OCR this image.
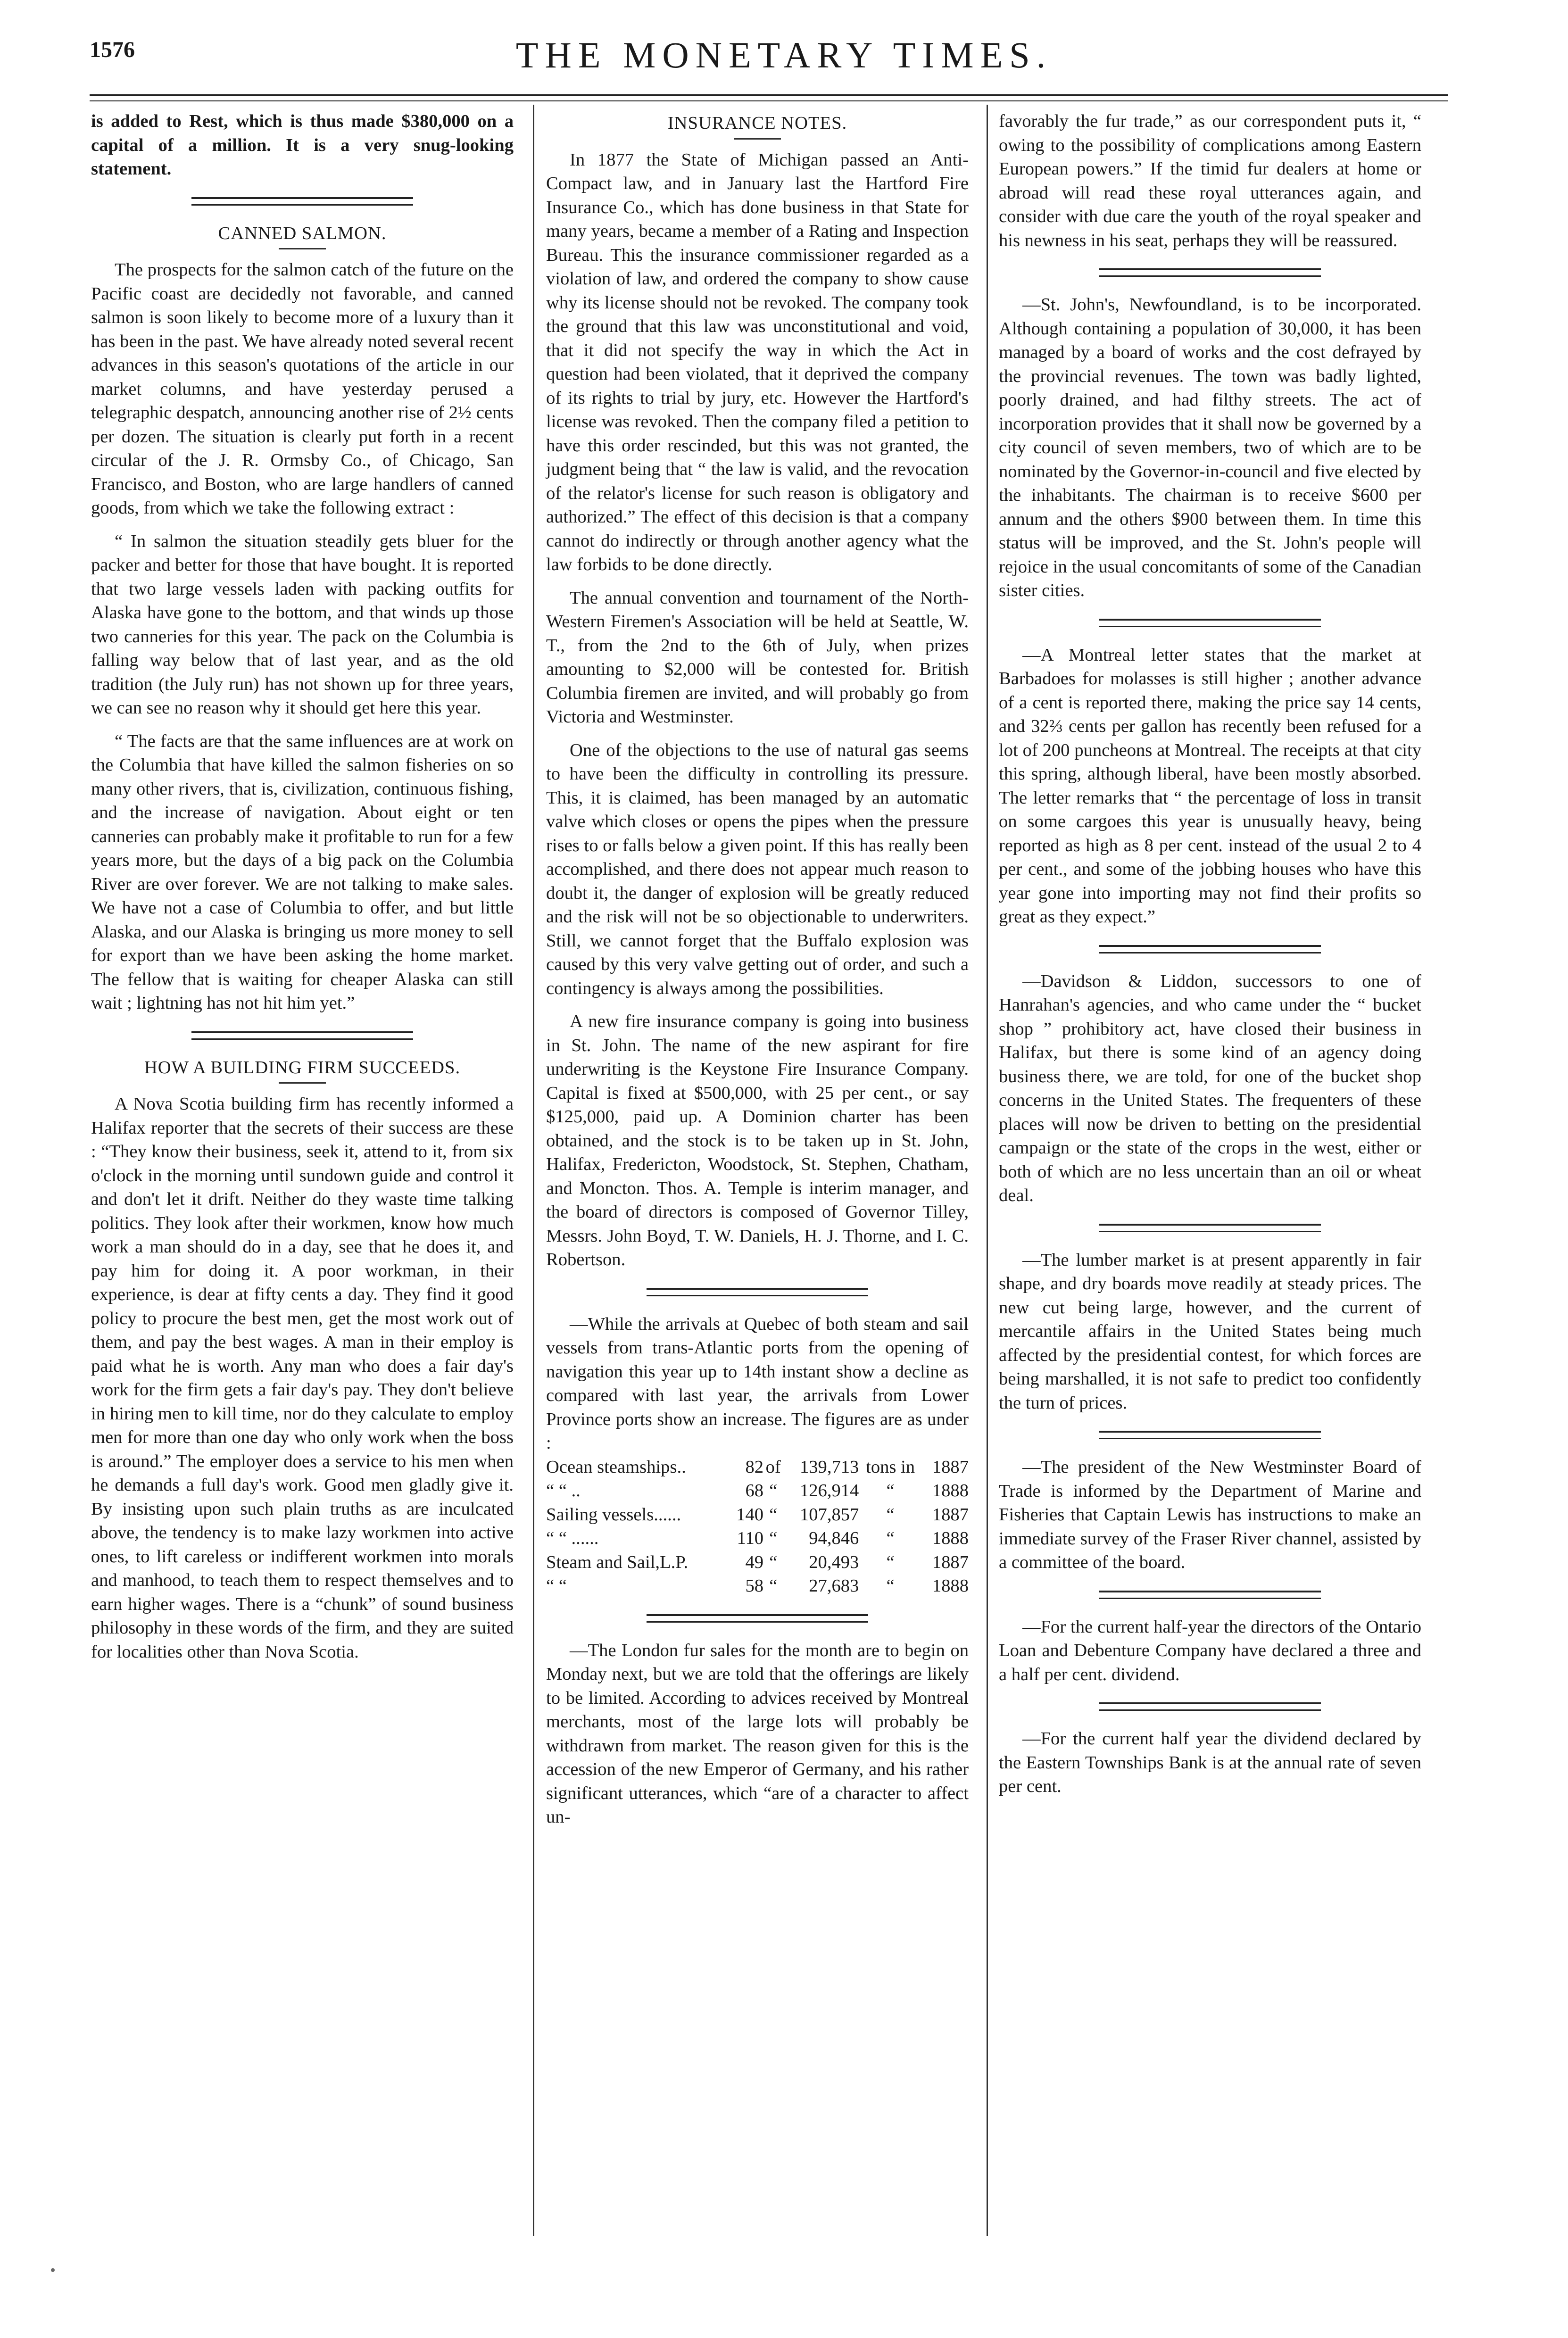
1576	THE MONETARY TIMES.

is added to Rest, which is thus made $380,000 on a capital of a million. It is a very snug-looking statement.

CANNED SALMON.

The prospects for the salmon catch of the future on the Pacific coast are decidedly not favorable, and canned salmon is soon likely to become more of a luxury than it has been in the past. We have already noted several recent advances in this season's quotations of the article in our market columns, and have yesterday perused a telegraphic despatch, announcing another rise of 2½ cents per dozen. The situation is clearly put forth in a recent circular of the J. R. Ormsby Co., of Chicago, San Francisco, and Boston, who are large handlers of canned goods, from which we take the following extract :

“ In salmon the situation steadily gets bluer for the packer and better for those that have bought. It is reported that two large vessels laden with packing outfits for Alaska have gone to the bottom, and that winds up those two canneries for this year. The pack on the Columbia is falling way below that of last year, and as the old tradition (the July run) has not shown up for three years, we can see no reason why it should get here this year.

“ The facts are that the same influences are at work on the Columbia that have killed the salmon fisheries on so many other rivers, that is, civilization, continuous fishing, and the increase of navigation. About eight or ten canneries can probably make it profitable to run for a few years more, but the days of a big pack on the Columbia River are over forever. We are not talking to make sales. We have not a case of Columbia to offer, and but little Alaska, and our Alaska is bringing us more money to sell for export than we have been asking the home market. The fellow that is waiting for cheaper Alaska can still wait ; lightning has not hit him yet.”

HOW A BUILDING FIRM SUCCEEDS.

A Nova Scotia building firm has recently informed a Halifax reporter that the secrets of their success are these : “They know their business, seek it, attend to it, from six o'clock in the morning until sundown guide and control it and don't let it drift. Neither do they waste time talking politics. They look after their workmen, know how much work a man should do in a day, see that he does it, and pay him for doing it. A poor workman, in their experience, is dear at fifty cents a day. They find it good policy to procure the best men, get the most work out of them, and pay the best wages. A man in their employ is paid what he is worth. Any man who does a fair day's work for the firm gets a fair day's pay. They don't believe in hiring men to kill time, nor do they calculate to employ men for more than one day who only work when the boss is around.” The employer does a service to his men when he demands a full day's work. Good men gladly give it. By insisting upon such plain truths as are inculcated above, the tendency is to make lazy workmen into active ones, to lift careless or indifferent workmen into morals and manhood, to teach them to respect themselves and to earn higher wages. There is a “chunk” of sound business philosophy in these words of the firm, and they are suited for localities other than Nova Scotia.

INSURANCE NOTES.

In 1877 the State of Michigan passed an Anti-Compact law, and in January last the Hartford Fire Insurance Co., which has done business in that State for many years, became a member of a Rating and Inspection Bureau. This the insurance commissioner regarded as a violation of law, and ordered the company to show cause why its license should not be revoked. The company took the ground that this law was unconstitutional and void, that it did not specify the way in which the Act in question had been violated, that it deprived the company of its rights to trial by jury, etc. However the Hartford's license was revoked. Then the company filed a petition to have this order rescinded, but this was not granted, the judgment being that “ the law is valid, and the revocation of the relator's license for such reason is obligatory and authorized.” The effect of this decision is that a company cannot do indirectly or through another agency what the law forbids to be done directly.

The annual convention and tournament of the North-Western Firemen's Association will be held at Seattle, W. T., from the 2nd to the 6th of July, when prizes amounting to $2,000 will be contested for. British Columbia firemen are invited, and will probably go from Victoria and Westminster.

One of the objections to the use of natural gas seems to have been the difficulty in controlling its pressure. This, it is claimed, has been managed by an automatic valve which closes or opens the pipes when the pressure rises to or falls below a given point. If this has really been accomplished, and there does not appear much reason to doubt it, the danger of explosion will be greatly reduced and the risk will not be so objectionable to underwriters. Still, we cannot forget that the Buffalo explosion was caused by this very valve getting out of order, and such a contingency is always among the possibilities.

A new fire insurance company is going into business in St. John. The name of the new aspirant for fire underwriting is the Keystone Fire Insurance Company. Capital is fixed at $500,000, with 25 per cent., or say $125,000, paid up. A Dominion charter has been obtained, and the stock is to be taken up in St. John, Halifax, Fredericton, Woodstock, St. Stephen, Chatham, and Moncton. Thos. A. Temple is interim manager, and the board of directors is composed of Governor Tilley, Messrs. John Boyd, T. W. Daniels, H. J. Thorne, and I. C. Robertson.

—While the arrivals at Quebec of both steam and sail vessels from trans-Atlantic ports from the opening of navigation this year up to 14th instant show a decline as compared with last year, the arrivals from Lower Province ports show an increase. The figures are as under :

Ocean steamships..	82	of	139,713	tons in	1887
“ “ ..	68	“	126,914	“	1888
Sailing vessels......	140	“	107,857	“	1887
“ “ ......	110	“	94,846	“	1888
Steam and Sail,L.P.	49	“	20,493	“	1887
“ “	58	“	27,683	“	1888

—The London fur sales for the month are to begin on Monday next, but we are told that the offerings are likely to be limited. According to advices received by Montreal merchants, most of the large lots will probably be withdrawn from market. The reason given for this is the accession of the new Emperor of Germany, and his rather significant utterances, which “are of a character to affect un-

favorably the fur trade,” as our correspondent puts it, “ owing to the possibility of complications among Eastern European powers.” If the timid fur dealers at home or abroad will read these royal utterances again, and consider with due care the youth of the royal speaker and his newness in his seat, perhaps they will be reassured.

—St. John's, Newfoundland, is to be incorporated. Although containing a population of 30,000, it has been managed by a board of works and the cost defrayed by the provincial revenues. The town was badly lighted, poorly drained, and had filthy streets. The act of incorporation provides that it shall now be governed by a city council of seven members, two of which are to be nominated by the Governor-in-council and five elected by the inhabitants. The chairman is to receive $600 per annum and the others $900 between them. In time this status will be improved, and the St. John's people will rejoice in the usual concomitants of some of the Canadian sister cities.

—A Montreal letter states that the market at Barbadoes for molasses is still higher ; another advance of a cent is reported there, making the price say 14 cents, and 32⅔ cents per gallon has recently been refused for a lot of 200 puncheons at Montreal. The receipts at that city this spring, although liberal, have been mostly absorbed. The letter remarks that “ the percentage of loss in transit on some cargoes this year is unusually heavy, being reported as high as 8 per cent. instead of the usual 2 to 4 per cent., and some of the jobbing houses who have this year gone into importing may not find their profits so great as they expect.”

—Davidson & Liddon, successors to one of Hanrahan's agencies, and who came under the “ bucket shop ” prohibitory act, have closed their business in Halifax, but there is some kind of an agency doing business there, we are told, for one of the bucket shop concerns in the United States. The frequenters of these places will now be driven to betting on the presidential campaign or the state of the crops in the west, either or both of which are no less uncertain than an oil or wheat deal.

—The lumber market is at present apparently in fair shape, and dry boards move readily at steady prices. The new cut being large, however, and the current of mercantile affairs in the United States being much affected by the presidential contest, for which forces are being marshalled, it is not safe to predict too confidently the turn of prices.

—The president of the New Westminster Board of Trade is informed by the Department of Marine and Fisheries that Captain Lewis has instructions to make an immediate survey of the Fraser River channel, assisted by a committee of the board.

—For the current half-year the directors of the Ontario Loan and Debenture Company have declared a three and a half per cent. dividend.

—For the current half year the dividend declared by the Eastern Townships Bank is at the annual rate of seven per cent.
